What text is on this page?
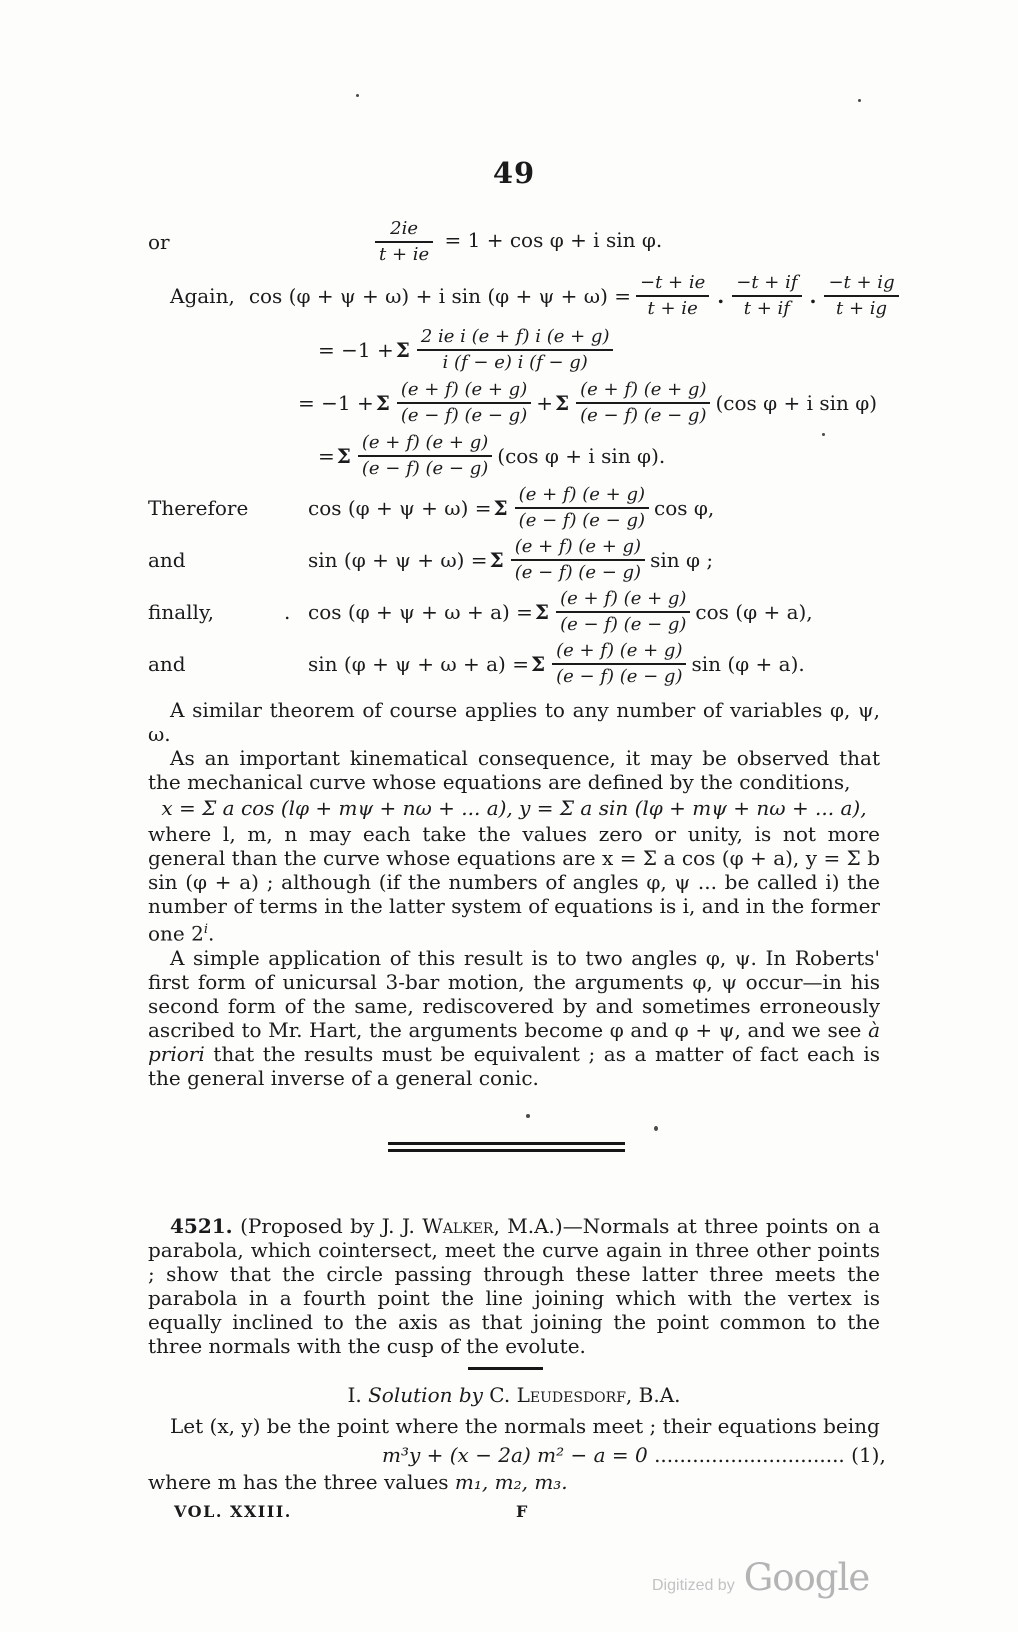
49
or	$\frac{2ie}{t + ie} = 1 + \cos \varphi + i$ sin φ.
Again, cos (φ + ψ + ω) + i $\sin (\varphi + \psi + \omega) = \frac{-t + ie}{t + ie}$ . $\frac{-t + if}{t + if}$ . $\frac{-t + ig}{t + ig}$
= −1 + Σ $\frac{\text{2 ie i (e + f) i (e + g)}}{i (f - e) i (f - g)}$
= −1 + Σ $\frac{(e + f) (e + g)}{(e - f) (e - g)} + \Sigma \frac{(e + f) (e + g)}{(e - f) (e - g)} (\cos$ φ + i sin φ)
= Σ $\frac{(e + f) (e + g)}{(e - f) (e - g)} (\cos$ φ + i sin φ).
Therefore	cos (φ + ψ + ω) = Σ $\frac{(e + f) (e + g)}{(e - f) (e - g)}$ cos φ,
and	sin (φ + ψ + ω) = Σ $\frac{(e + f) (e + g)}{(e - f) (e - g)}$ sin φ ;
finally,	. cos (φ + ψ + ω + a) = Σ $\frac{(e + f) (e + g)}{(e - f) (e - g)}$ cos (φ + a),
and	sin (φ + ψ + ω + a) = Σ $\frac{(e + f) (e + g)}{(e - f) (e - g)}$ sin (φ + a).

A similar theorem of course applies to any number of variables φ, ψ, ω.

As an important kinematical consequence, it may be observed that the mechanical curve whose equations are defined by the conditions,

x = Σ a cos (lφ + mψ + nω + ... a), y = Σ a sin (lφ + mψ + nω + ... a),

where l, m, n may each take the values zero or unity, is not more general than the curve whose equations are x = Σ a cos (φ + a), y = Σ b sin (φ + a) ; although (if the numbers of angles φ, ψ ... be called i) the number of terms in the latter system of equations is i, and in the former one 2$^i$.

A simple application of this result is to two angles φ, ψ. In Roberts' first form of unicursal 3-bar motion, the arguments φ, ψ occur—in his second form of the same, rediscovered by and sometimes erroneously ascribed to Mr. Hart, the arguments become φ and φ + ψ, and we see à priori that the results must be equivalent ; as a matter of fact each is the general inverse of a general conic.

4521. (Proposed by J. J. Walker, M.A.)—Normals at three points on a parabola, which cointersect, meet the curve again in three other points ; show that the circle passing through these latter three meets the parabola in a fourth point the line joining which with the vertex is equally inclined to the axis as that joining the point common to the three normals with the cusp of the evolute.

I. Solution by C. Leudesdorf, B.A.

Let (x, y) be the point where the normals meet ; their equations being

m³y + (x − 2a) m² − a = 0 .............................. (1),

where m has the three values m₁, m₂, m₃.

VOL. XXIII.	F
Digitized by Google
